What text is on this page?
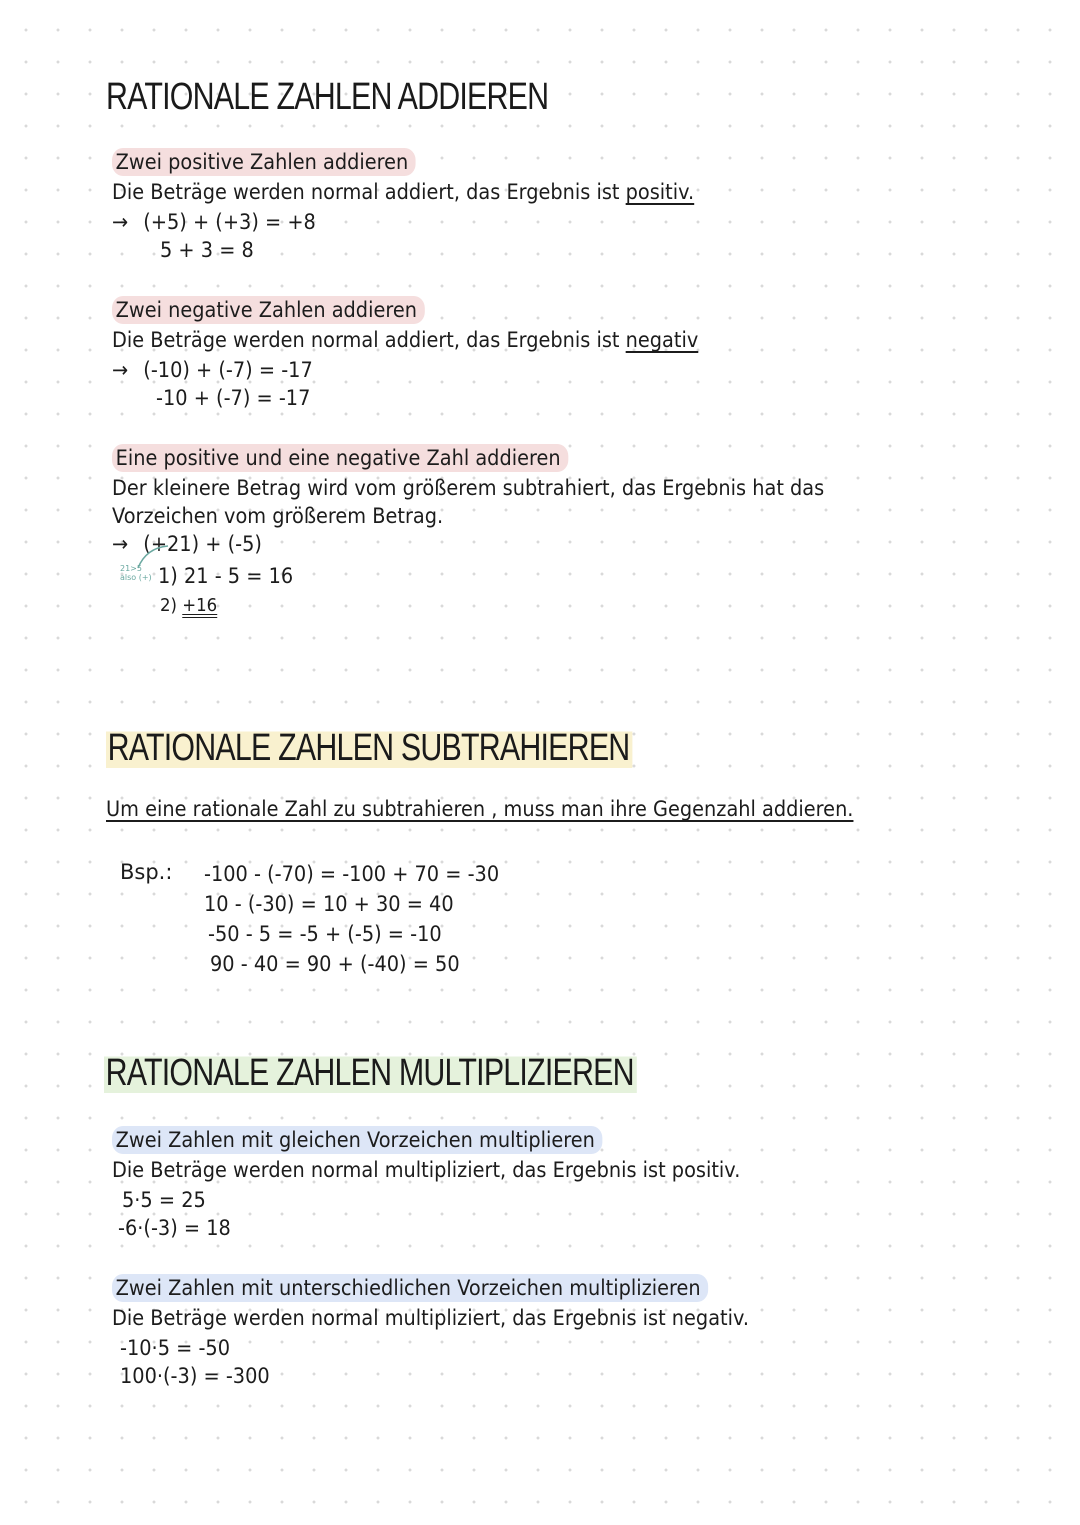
RATIONALE ZAHLEN ADDIEREN
Zwei positive Zahlen addieren
Die Beträge werden normal addiert, das Ergebnis ist positiv.
→ (+5) + (+3) = +8
5 + 3 = 8
Zwei negative Zahlen addieren
Die Beträge werden normal addiert, das Ergebnis ist negativ
→ (-10) + (-7) = -17
-10 + (-7) = -17
Eine positive und eine negative Zahl addieren
Der kleinere Betrag wird vom größerem subtrahiert, das Ergebnis hat das
Vorzeichen vom größerem Betrag.
→ (+21) + (-5)
21>5
also (+) 1) 21 - 5 = 16
2) +16
RATIONALE ZAHLEN SUBTRAHIEREN
Um eine rationale Zahl zu subtrahieren , muss man ihre Gegenzahl addieren.
Bsp.: -100 - (-70) = -100 + 70 = -30
10 - (-30) = 10 + 30 = 40
-50 - 5 = -5 + (-5) = -10
90 - 40 = 90 + (-40) = 50
RATIONALE ZAHLEN MULTIPLIZIEREN
Zwei Zahlen mit gleichen Vorzeichen multiplieren
Die Beträge werden normal multipliziert, das Ergebnis ist positiv.
5·5 = 25
-6·(-3) = 18
Zwei Zahlen mit unterschiedlichen Vorzeichen multiplizieren
Die Beträge werden normal multipliziert, das Ergebnis ist negativ.
-10·5 = -50
100·(-3) = -300
